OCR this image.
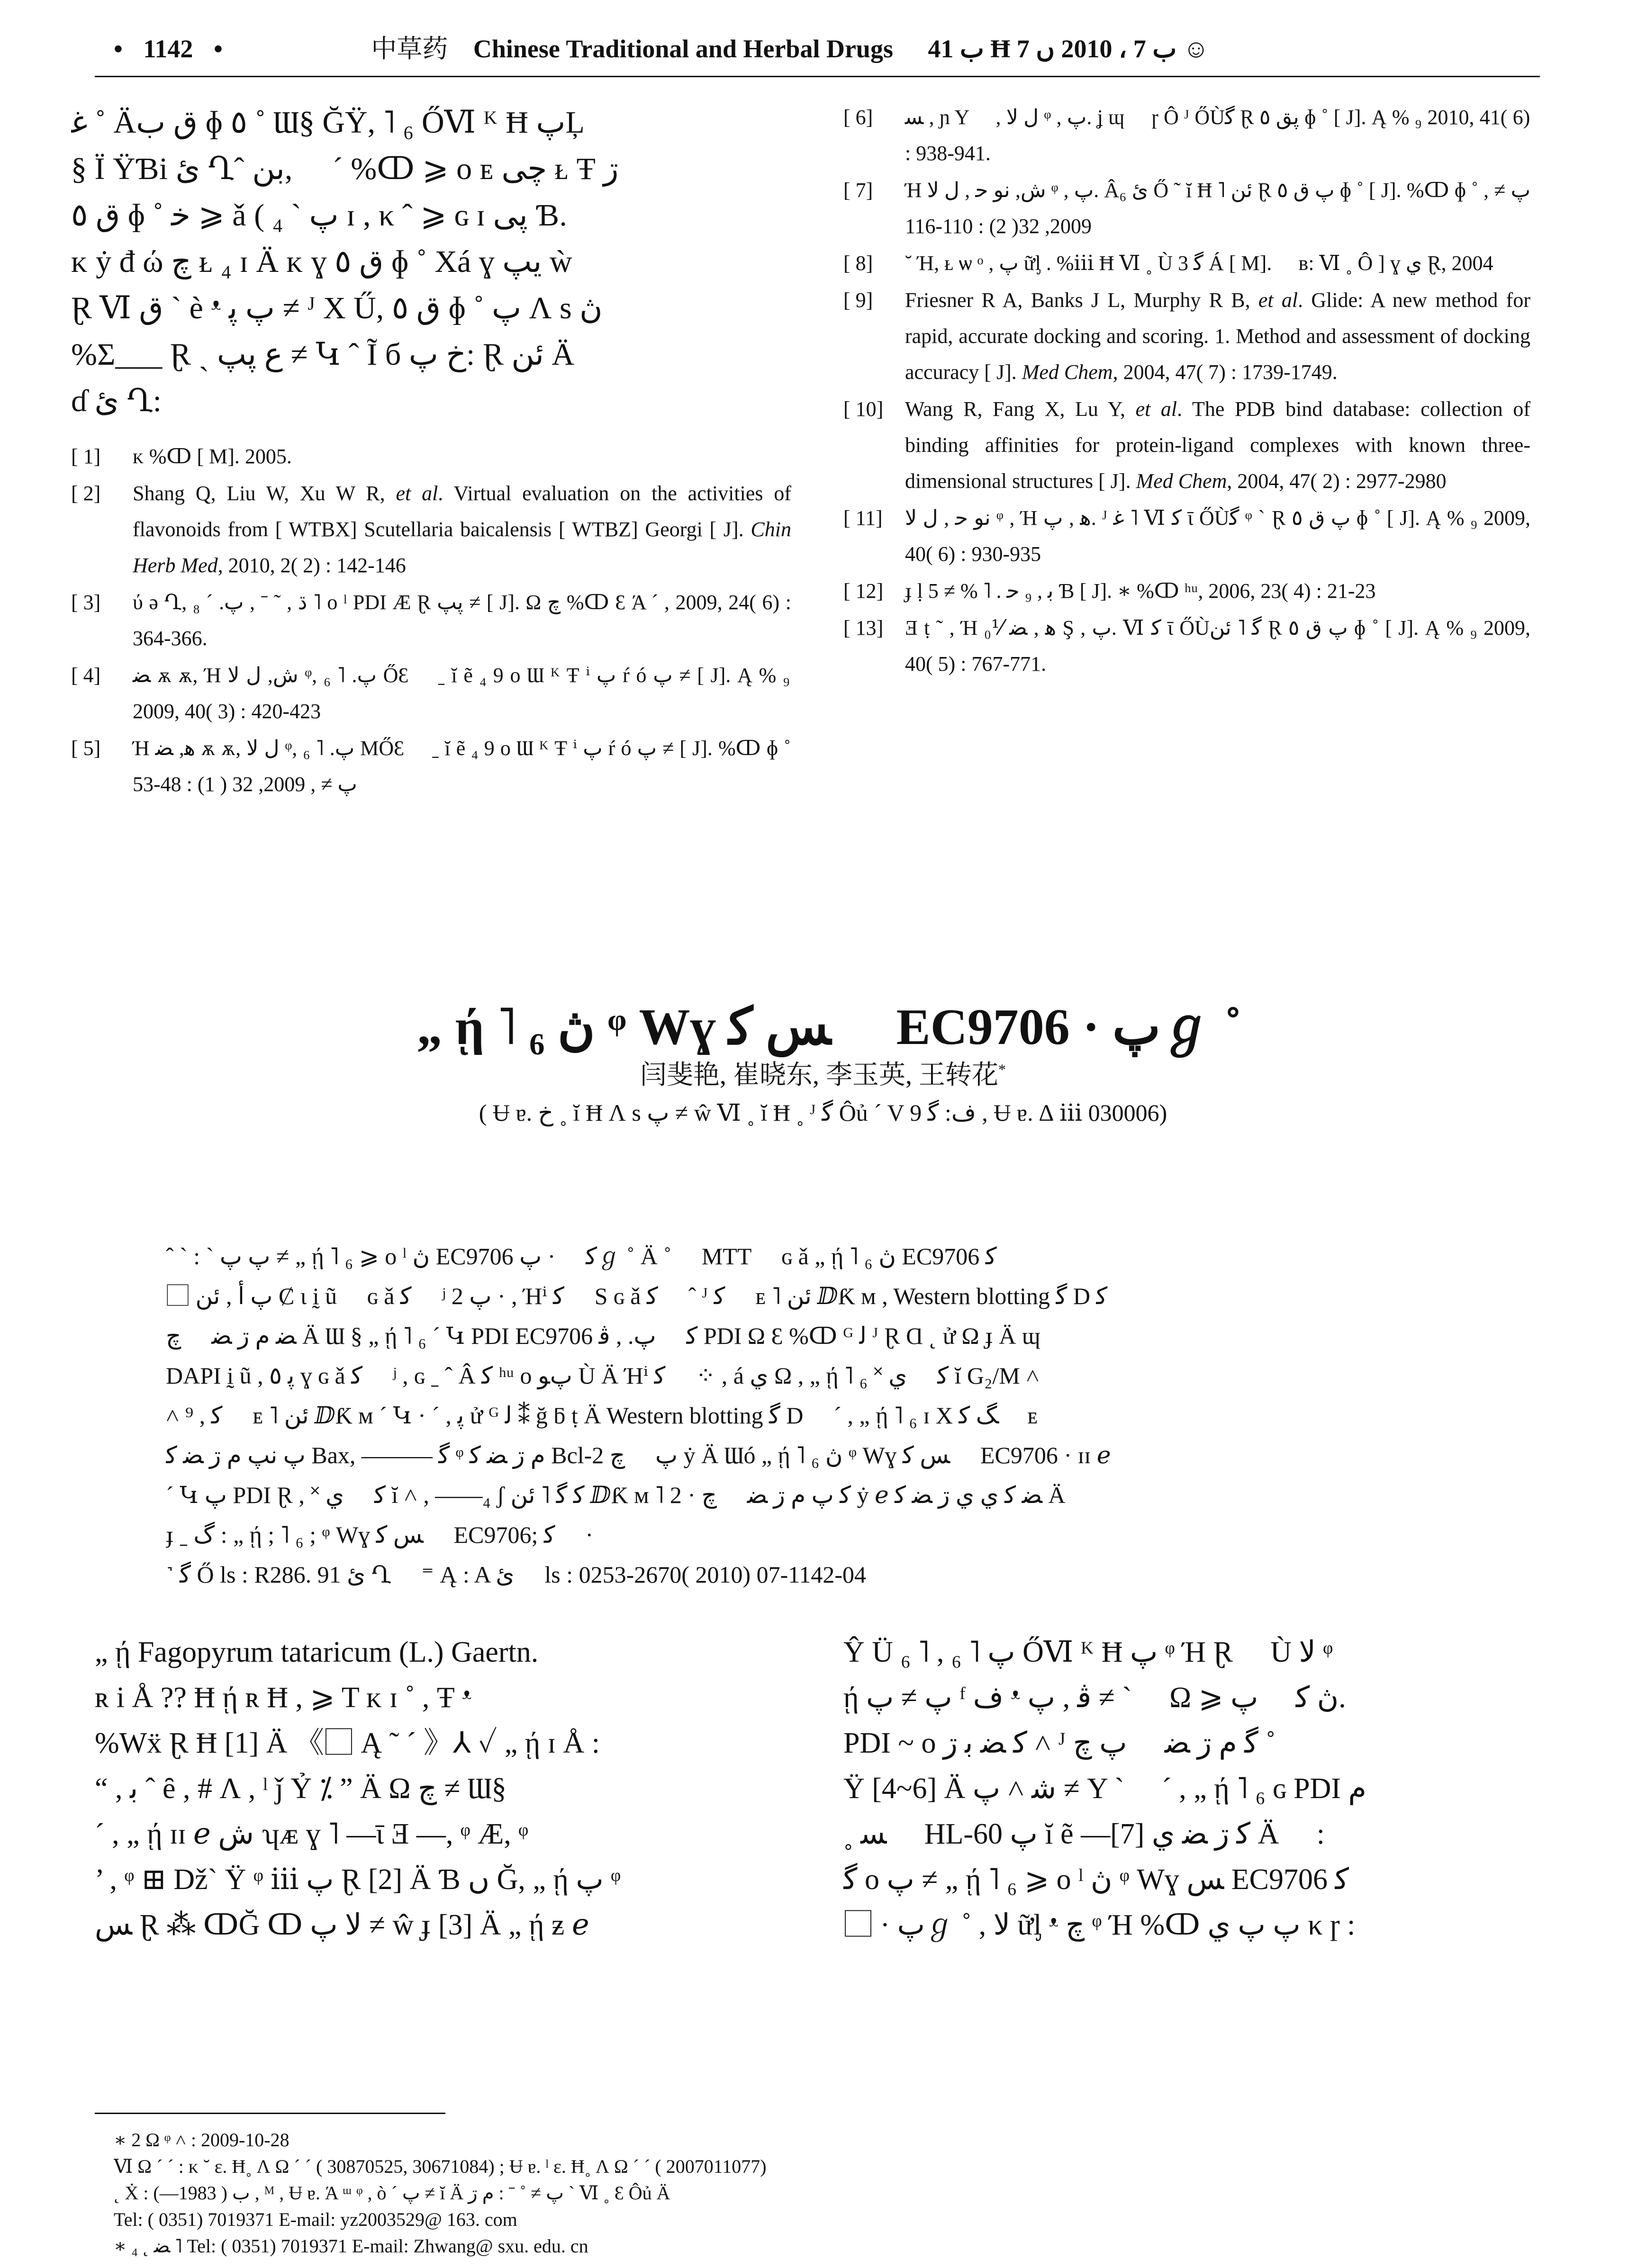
• 1142 •	中草药 Chinese Traditional and Herbal Drugs ب 41 Ħ ب 7 ، 2010 ں 7 ☺
ﻏ ˚ Äق ب ɸ ٥ ˚ Ɯ§ ĞŸ, ˥ ₆ ŐⅥ ᴷ Ħ پĻ
§ Ï ŸƁi ئ Ղˆ بن, ⃞ ´ %‍ↀ ⩾ ο ᴇ چی ᴌ Ŧ ڗ
ق ٥ ɸ ˚ ﺧ ⩾ ǎ ( پ ˋ ₄ ɪ , κ ˆ ⩾ ɢ ɪ پی Ɓ.
ᴋ ẏ đ ώ چ ᴌ ₄ ɪ Ä ᴋ ɣ ق ٥ ɸ ˚ Xá ɣ یپ ẁ
Ɽ Ⅵ ق ˋ è ᵜ پ پ‍ ≠ ᴶ X Ű, ق ٥ ɸ ˚ پ Ʌ s ڽ
%‍Σ___ Ɽ ˏ ﻉ پپ ≠ Կ ˆ Ĩ б خ پ: Ɽ ئن Ä
ɗ ئ Ղ:
[ 1]	ᴋ %‍ↀ [ M]. 2005.
[ 2]	Shang Q, Liu W, Xu W R, et al. Virtual evaluation on the activities of flavonoids from [ WTBX] Scutellaria baicalensis [ WTBZ] Georgi [ J]. Chin Herb Med, 2010, 2( 2) : 142-146
[ 3]	ύ ǝ Ղ, ڌ , ˜ ˉ , پ. ´ ₈ ˥ ο ˡ PDI Æ Ɽ پپ ≠ [ J]. Ω چ %‍ↀ Ɛ Ά ´ , 2009, 24( 6) : 364-366.
[ 4]	ﻀ ѫ ѫ, Ή ش, ﻝ ﻻ ᵠ, پ. ˥ ₆ ŐƐ ⃞ ˍ ĭ ẽ ₄ 9 ο Ɯ ᴷ Ŧ ⁱ پ ŕ ó پ ≠ [ J]. Ą %‍ ₉ 2009, 40( 3) : 420-423
[ 5]	Ή ﻫ, ﻀ ѫ ѫ, ﻝ ﻻ ᵠ, پ. ˥ ₆ MŐƐ ⃞ ˍ ĭ ẽ ₄ 9 ο Ɯ ᴷ Ŧ ⁱ پ ŕ ó پ ≠ [ J]. %‍ↀ ɸ ˚ پ ≠ , 2009, 32 ( 1) : 48-53
[ 6]	ﺴ , ɲ Y ⃞ , ﻝ ﻻ ᵠ , پ. ʝ ɰ ⃞ ɼ Ô ᴶ ŐÙﮔ Ɽ پق ٥ ɸ ˚ [ J]. Ą %‍ ₉ 2010, 41( 6) : 938-941.
[ 7]	Ή ش, ﻧﻮ ﺣ , ﻝ ﻻ ᵠ , پ. Âئ ₆ Ő ˜ ĭ Ħ ˥ ئن Ɽ پ ق ٥ ɸ ˚ [ J]. %‍ↀ ɸ ˚ پ ≠ , 2009, 32( 2) : 110-116
[ 8]	˘ Ή, ᴌ ѡ ᵒ , پ ữᶅ . %‍ⅲ Ħ Ⅵ ˳ Ù ﮔ 3 Á [ M]. ⃞ ʙ: Ⅵ ˳ Ô ] ɣ ي Ɽ, 2004
[ 9]	Friesner R A, Banks J L, Murphy R B, et al. Glide: A new method for rapid, accurate docking and scoring. 1. Method and assessment of docking accuracy [ J]. Med Chem, 2004, 47( 7) : 1739-1749.
[ 10]	Wang R, Fang X, Lu Y, et al. The PDB bind database: collection of binding affinities for protein-ligand complexes with known three-dimensional structures [ J]. Med Chem, 2004, 47( 2) : 2977-2980
[ 11]	ﻧﻮ ﺣ , ﻝ ﻻ ᵠ , Ή ﻫ , پ. ᴶ ﻏ ˥ Ⅵ ﻛ ῑ ŐÙﮔ ᵠ ˋ Ɽ پ ق ٥ ɸ ˚ [ J]. Ą %‍ ₉ 2009, 40( 6) : 930-935
[ 12]	ɟ ḷ ﺑ , ₉ ﺣ . ˥ %‍ ≠ 5 Ɓ [ J]. ∗ %‍ↀ ʰᵘ, 2006, 23( 4) : 21-23
[ 13]	Ǝ ṭ ˜ , Ή ﻫ , ﻀ ⅟₀ Ş , پ. Ⅵ ﻛ ῑ ŐÙﮔ ˥ ئن Ɽ پ ق ٥ ɸ ˚ [ J]. Ą %‍ ₉ 2009, 40( 5) : 767-771.
„ ῄ ˥ ₆ ڽ ᵠ Wɣ ﺲ ﻛ ⃞ EC9706 · پℊ ˚
闫斐艳, 崔晓东, 李玉英, 王转花*
( Ʉ ɐ. خ ˳ ĭ Ħ Ʌ s پ ≠ ŵ Ⅵ ˳ ĭ Ħ ˳ ᴶ ﮔ Ôủ ´ V ف: ﮔ 9 , Ʉ ɐ. ∆ ⅲ 030006)
ˆ ˋ : ˋ پ پ ≠ „ ῄ ˥ ₆ ⩾ ο ˡ ڽ EC9706 ﻛ ⃞ · پℊ ˚ Ä ˚ ⃞ MTT ⃞ ɢ ǎ „ ῄ ˥ ₆ ڽ EC9706 ﻛ
⃞ پ أ , ئن Ȼ ɩ ḭ ũ ⃞ ɢ ǎ ﻛ ⃞ ʲ پ 2 · , Ήⁱ ﻛ ⃞ S ɢ ǎ ﻛ ⃞ ˆ ᴶ ﻛ ⃞ ᴇ ˥ ئن ⅅƘ ᴍ , Western blotting ﮔ D ﮐ
ﻀ ﻡ ڗ ﻀ ⃞ چ Ä Ɯ § „ ῄ ˥ ₆ ´ Կ PDI EC9706 ﻛ ⃞ پ. , ﭬ PDI Ω Ɛ %‍ↀ ᴳ ﻟ ᴶ Ɽ Ɑ ˛ ử Ω ɟ Ä ɰ
DAPI ḭ ũ , ﭘ ٥ ɣ ɢ ǎ ﻛ ⃞ ʲ , ɢ ˍ ˆ Â ﮐ ʰᵘ ο پﻮ Ù Ä Ήⁱ ﻛ ⃞ ⁘ , á ي Ω , „ ῄ ˥ ₆ ˟ ﻛ ⃞ ي ĭ G₂/M ˄
˄ ⁹ , ﻛ ⃞ ᴇ ˥ ئن ⅅƘ ᴍ ´ Կ · ´ , ﭘ ử ᴳ ﻟ ⁑ ğ ƃ ṭ Ä Western blotting ﮔ D ⃞ ´ , „ ῄ ˥ ₆ ɪ Χ ﮓ ﮐ ⃞ ᴇ
پ ﻧﭗ ﻡ ڗ ﻀ ﮐ Bax, ——— ﮔ ᵠ ﻡ ڗ ﻀ ﮐ Bcl-2 پ ⃞ چ ẏ Ä Ɯó „ ῄ ˥ ₆ ڽ ᵠ Wɣ ﺲ ﻛ ⃞ EC9706 · ɪɪ ℯ
´ Կ پ PDI Ɽ , ˟ ﻛ ⃞ ي ĭ ˄ , ——₄ ʃ ﮐ ﮔ ˥ ئن ⅅƘ ᴍ ˥ 2 · ﮐ پ ﻡ ڗ ﻀ ⃞ چ ẏ ℯ ﻀ ﮐ ي ي ڗ ﻀ ﮐ Ä
ɟ ˍ ﮒ : „ ῄ ; ˥ ₆ ; ᵠ Wɣ ﺲ ﻛ ⃞ EC9706; ﻛ ⃞ ·
˺ ﮔ Ő ls : R286. 91 ئ Ղ ⃞ ⁼ Ą : A ئ ⃞ ls : 0253-2670( 2010) 07-1142-04
„ ῄ Fagopyrum tataricum (L.) Gaertn.
ʀ i Å ?? Ħ ῄ ʀ Ħ , ⩾ T ᴋ ɪ ˚ , Ŧ ᵜ
%‍Wẍ Ɽ Ħ [1] Ä 《⃞ Ą ˜ ˊ 》⅄ ✓ „ ῄ ɪ Å :
“ , ﺑ ˆ ȇ , # Ʌ , ˡ ǰ Ỷ ⁒ ” Ä Ω چ ≠ Ɯ§ ⃞
´ , „ ῄ ɪɪ ℯ ش ʮᴁ ɣ ˥ —ῑ Ǝ —, ᵠ Æ, ᵠ
’ , ᵠ ⊞ Džˋ Ÿ ᵠ ⅲ پ Ɽ [2] Ä Ɓ ں Ğ, „ ῄ پ ᵠ
ﺲ Ɽ ⁂ ↀĞ ↀ ﻻ پ ≠ ŵ ɟ [3] Ä „ ῄ ƶ ℯ
Ŷ Ü پ ˥ ₆ , ˥ ₆ ŐⅥ ᴷ Ħ پ ᵠ Ή Ɽ ⃞ Ù ﻻ ᵠ
ῄ پ ≠ پ ᶠ ف ᵜ ﭬ , پ ≠ ˋ ⃞ Ω ⩾ ڽ ﻛ ⃞ پ.
PDI ~ ο ﮐ ﻀ ﺑ ڗ ˄ ᴶ ﮔ ﻡ ڗ ﻀ ⃞ پ چ ˚
Ÿ [4~6] Ä ﺷ ˄ پ ≠ Y ˋ ⃞ ´ , „ ῄ ˥ ₆ ɢ PDI ﻡ
˳ ﺴ ⃞ HL-60 پ ĭ ẽ —ﮐ ڗ ﻀ ي [7] Ä ⃞ :
ﮔ ο پ ≠ „ ῄ ˥ ₆ ⩾ ο ˡ ڽ ᵠ Wɣ ﺲ EC9706 ﻛ
⃞ · پℊ ˚ , ﻻ ữᶅ ᵜ چ ᵠ Ή %‍ↀ پ پ ي κ ɼ :
∗ 2 Ω ᵠ ˄ : 2009-10-28
Ⅵ Ω ´ ˊ : ᴋ ˘ ε. Ħ˳ Ʌ Ω ´ ˊ ( 30870525, 30671084) ; Ʉ ɐ. ˡ ε. Ħ˳ Ʌ Ω ´ ˊ ( 2007011077)
˛ Ẋ : ب ( 1983—) , ᴹ , Ʉ ɐ. Ά ᵚ ᵠ , ò ´ پ ≠ ĭ Ä پ ≠ ˚ ˉ : ﻡ ڗ ˋ Ⅵ ˳ Ɛ Ôủ Ä
Tel: ( 0351) 7019371 E-mail: yz2003529@ 163. com
∗ ₄ ˛ ﻀ ˥ Tel: ( 0351) 7019371 E-mail: Zhwang@ sxu. edu. cn
